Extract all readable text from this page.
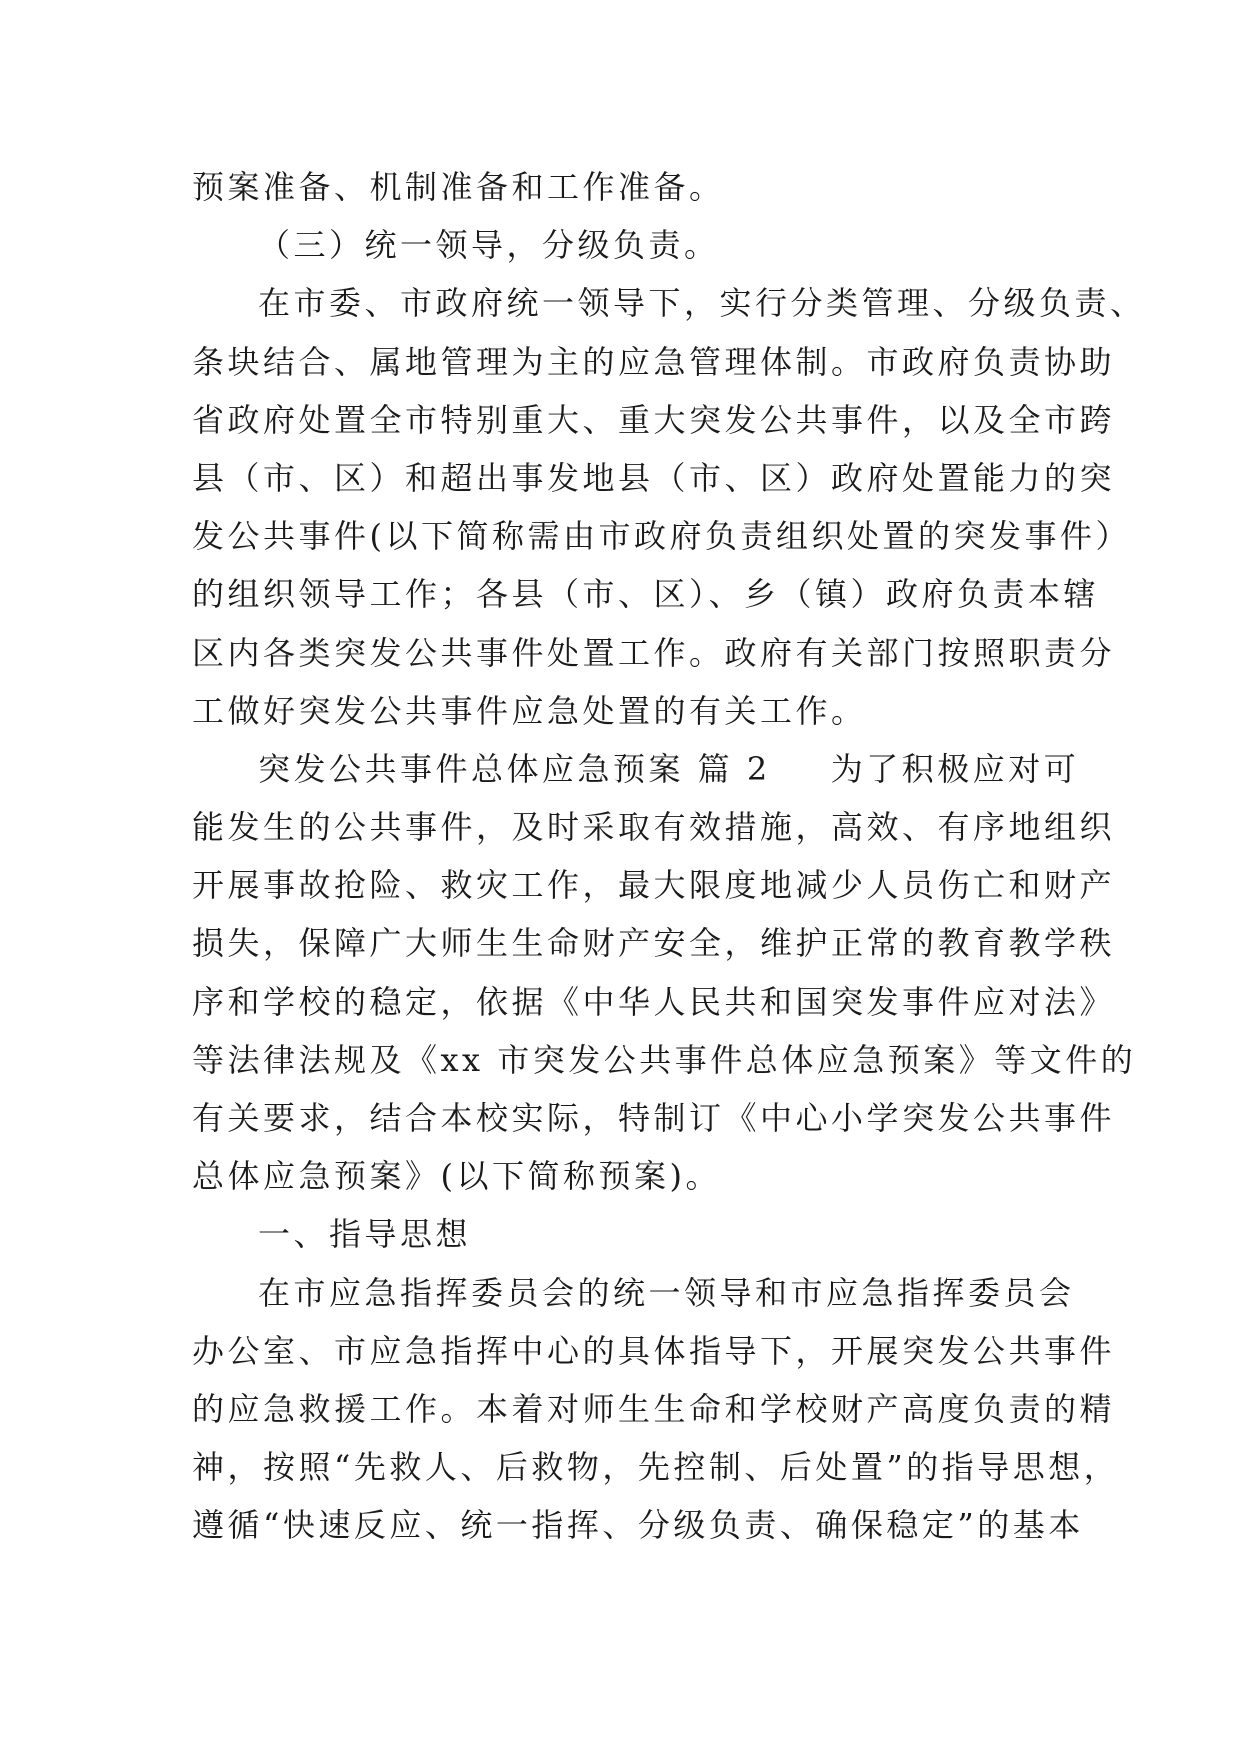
预案准备、机制准备和工作准备。
（三）统一领导，分级负责。
在市委、市政府统一领导下，实行分类管理、分级负责、
条块结合、属地管理为主的应急管理体制。市政府负责协助
省政府处置全市特别重大、重大突发公共事件，以及全市跨
县（市、区）和超出事发地县（市、区）政府处置能力的突
发公共事件(以下简称需由市政府负责组织处置的突发事件）
的组织领导工作；各县（市、区）、乡（镇）政府负责本辖
区内各类突发公共事件处置工作。政府有关部门按照职责分
工做好突发公共事件应急处置的有关工作。
突发公共事件总体应急预案 篇 2 为了积极应对可
能发生的公共事件，及时采取有效措施，高效、有序地组织
开展事故抢险、救灾工作，最大限度地减少人员伤亡和财产
损失，保障广大师生生命财产安全，维护正常的教育教学秩
序和学校的稳定，依据《中华人民共和国突发事件应对法》
等法律法规及《xx 市突发公共事件总体应急预案》等文件的
有关要求，结合本校实际，特制订《中心小学突发公共事件
总体应急预案》(以下简称预案)。
一、指导思想
在市应急指挥委员会的统一领导和市应急指挥委员会
办公室、市应急指挥中心的具体指导下，开展突发公共事件
的应急救援工作。本着对师生生命和学校财产高度负责的精
神，按照“先救人、后救物，先控制、后处置”的指导思想，
遵循“快速反应、统一指挥、分级负责、确保稳定”的基本
